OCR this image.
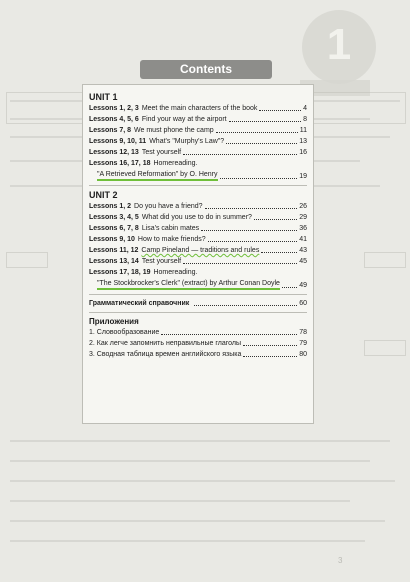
1
Contents
UNIT 1
Lessons 1, 2, 3 Meet the main characters of the book	4
Lessons 4, 5, 6 Find your way at the airport	8
Lessons 7, 8 We must phone the camp	11
Lessons 9, 10, 11 What's "Murphy's Law"?	13
Lessons 12, 13 Test yourself	16
Lessons 16, 17, 18 Homereading.
"A Retrieved Reformation" by O. Henry	19
UNIT 2
Lessons 1, 2 Do you have a friend?	26
Lessons 3, 4, 5 What did you use to do in summer?	29
Lessons 6, 7, 8 Lisa's cabin mates	36
Lessons 9, 10 How to make friends?	41
Lessons 11, 12 Camp Pineland — traditions and rules	43
Lessons 13, 14 Test yourself	45
Lessons 17, 18, 19 Homereading.
"The Stockbrocker's Clerk" (extract) by Arthur Conan Doyle	49
Грамматический справочник	60
Приложения
1. Словообразование	78
2. Как легче запомнить неправильные глаголы	79
3. Сводная таблица времен английского языка	80
3
